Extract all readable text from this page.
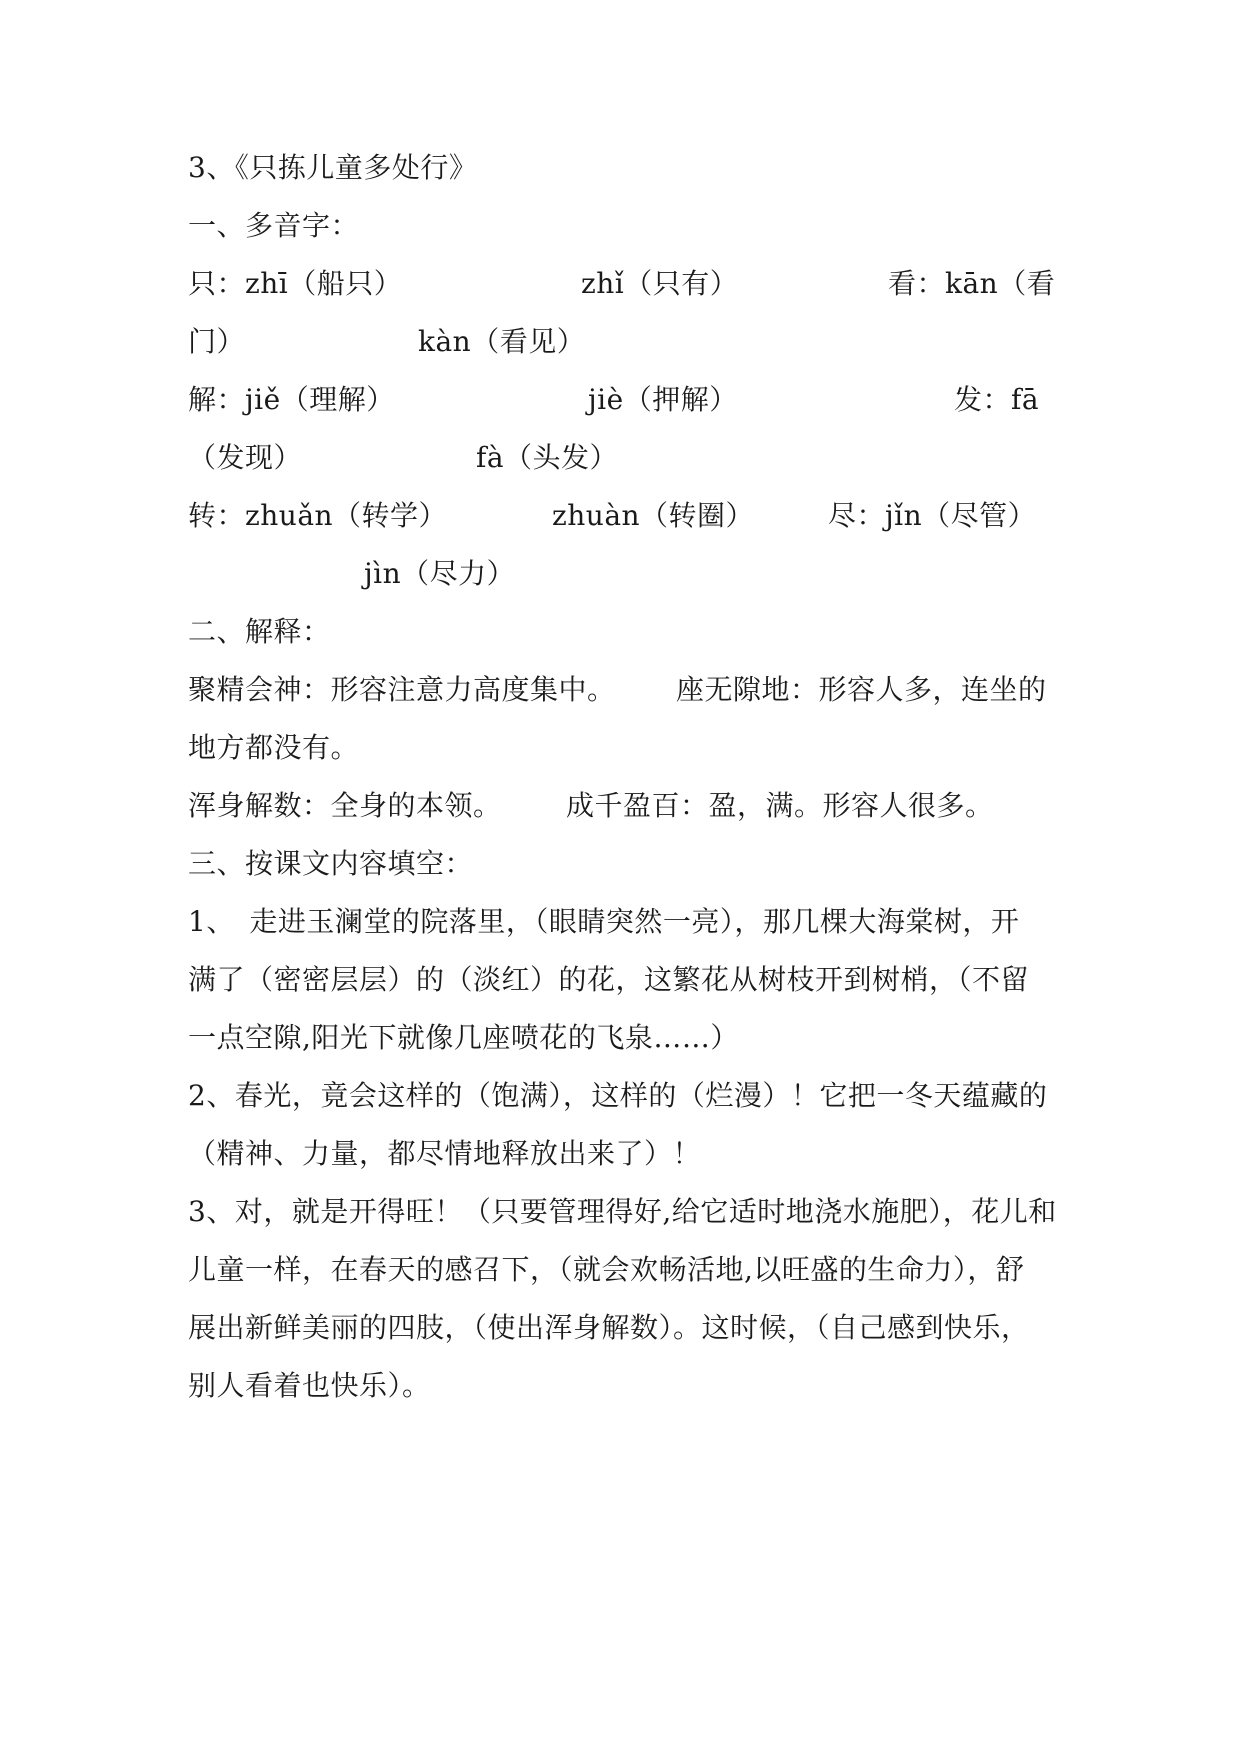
3、《只拣儿童多处行》
一、多音字：
只：zhī（船只）	zhǐ（只有）	看：kān（看
门）	kàn（看见）
解：jiě（理解）	jiè（押解）	发：fā
（发现）	fà（头发）
转：zhuǎn（转学）	zhuàn（转圈）	尽：jǐn（尽管）
jìn（尽力）
二、解释：
聚精会神：形容注意力高度集中。 座无隙地：形容人多，连坐的
地方都没有。
浑身解数：全身的本领。 成千盈百：盈，满。形容人很多。
三、按课文内容填空：
1、　走进玉澜堂的院落里，（眼睛突然一亮），那几棵大海棠树，开
满了（密密层层）的（淡红）的花，这繁花从树枝开到树梢，（不留
一点空隙,阳光下就像几座喷花的飞泉……）
2、春光，竟会这样的（饱满），这样的（烂漫）！它把一冬天蕴藏的
（精神、力量，都尽情地释放出来了）！
3、对，就是开得旺！（只要管理得好,给它适时地浇水施肥），花儿和
儿童一样，在春天的感召下，（就会欢畅活地,以旺盛的生命力），舒
展出新鲜美丽的四肢，（使出浑身解数）。这时候，（自己感到快乐，
别人看着也快乐）。
